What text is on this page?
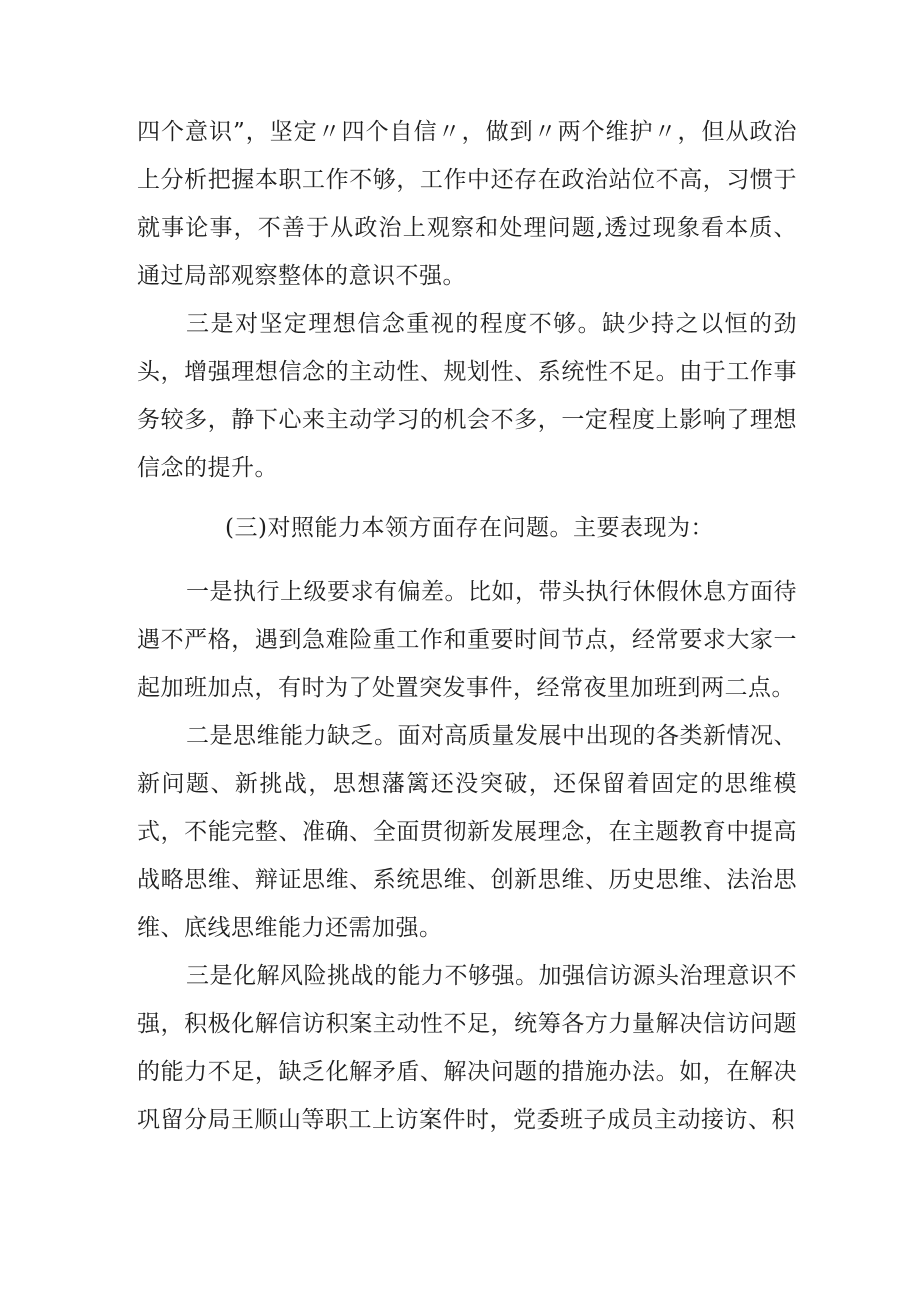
四个意识”，坚定〃四个自信〃，做到〃两个维护〃，但从政治上分析把握本职工作不够，工作中还存在政治站位不高，习惯于就事论事，不善于从政治上观察和处理问题,透过现象看本质、通过局部观察整体的意识不强。

三是对坚定理想信念重视的程度不够。缺少持之以恒的劲头，增强理想信念的主动性、规划性、系统性不足。由于工作事务较多，静下心来主动学习的机会不多，一定程度上影响了理想信念的提升。

(三)对照能力本领方面存在问题。主要表现为：

一是执行上级要求有偏差。比如，带头执行休假休息方面待遇不严格，遇到急难险重工作和重要时间节点，经常要求大家一起加班加点，有时为了处置突发事件，经常夜里加班到两二点。

二是思维能力缺乏。面对高质量发展中出现的各类新情况、新问题、新挑战，思想藩篱还没突破，还保留着固定的思维模式，不能完整、准确、全面贯彻新发展理念，在主题教育中提高战略思维、辩证思维、系统思维、创新思维、历史思维、法治思维、底线思维能力还需加强。

三是化解风险挑战的能力不够强。加强信访源头治理意识不强，积极化解信访积案主动性不足，统筹各方力量解决信访问题的能力不足，缺乏化解矛盾、解决问题的措施办法。如，在解决巩留分局王顺山等职工上访案件时，党委班子成员主动接访、积
